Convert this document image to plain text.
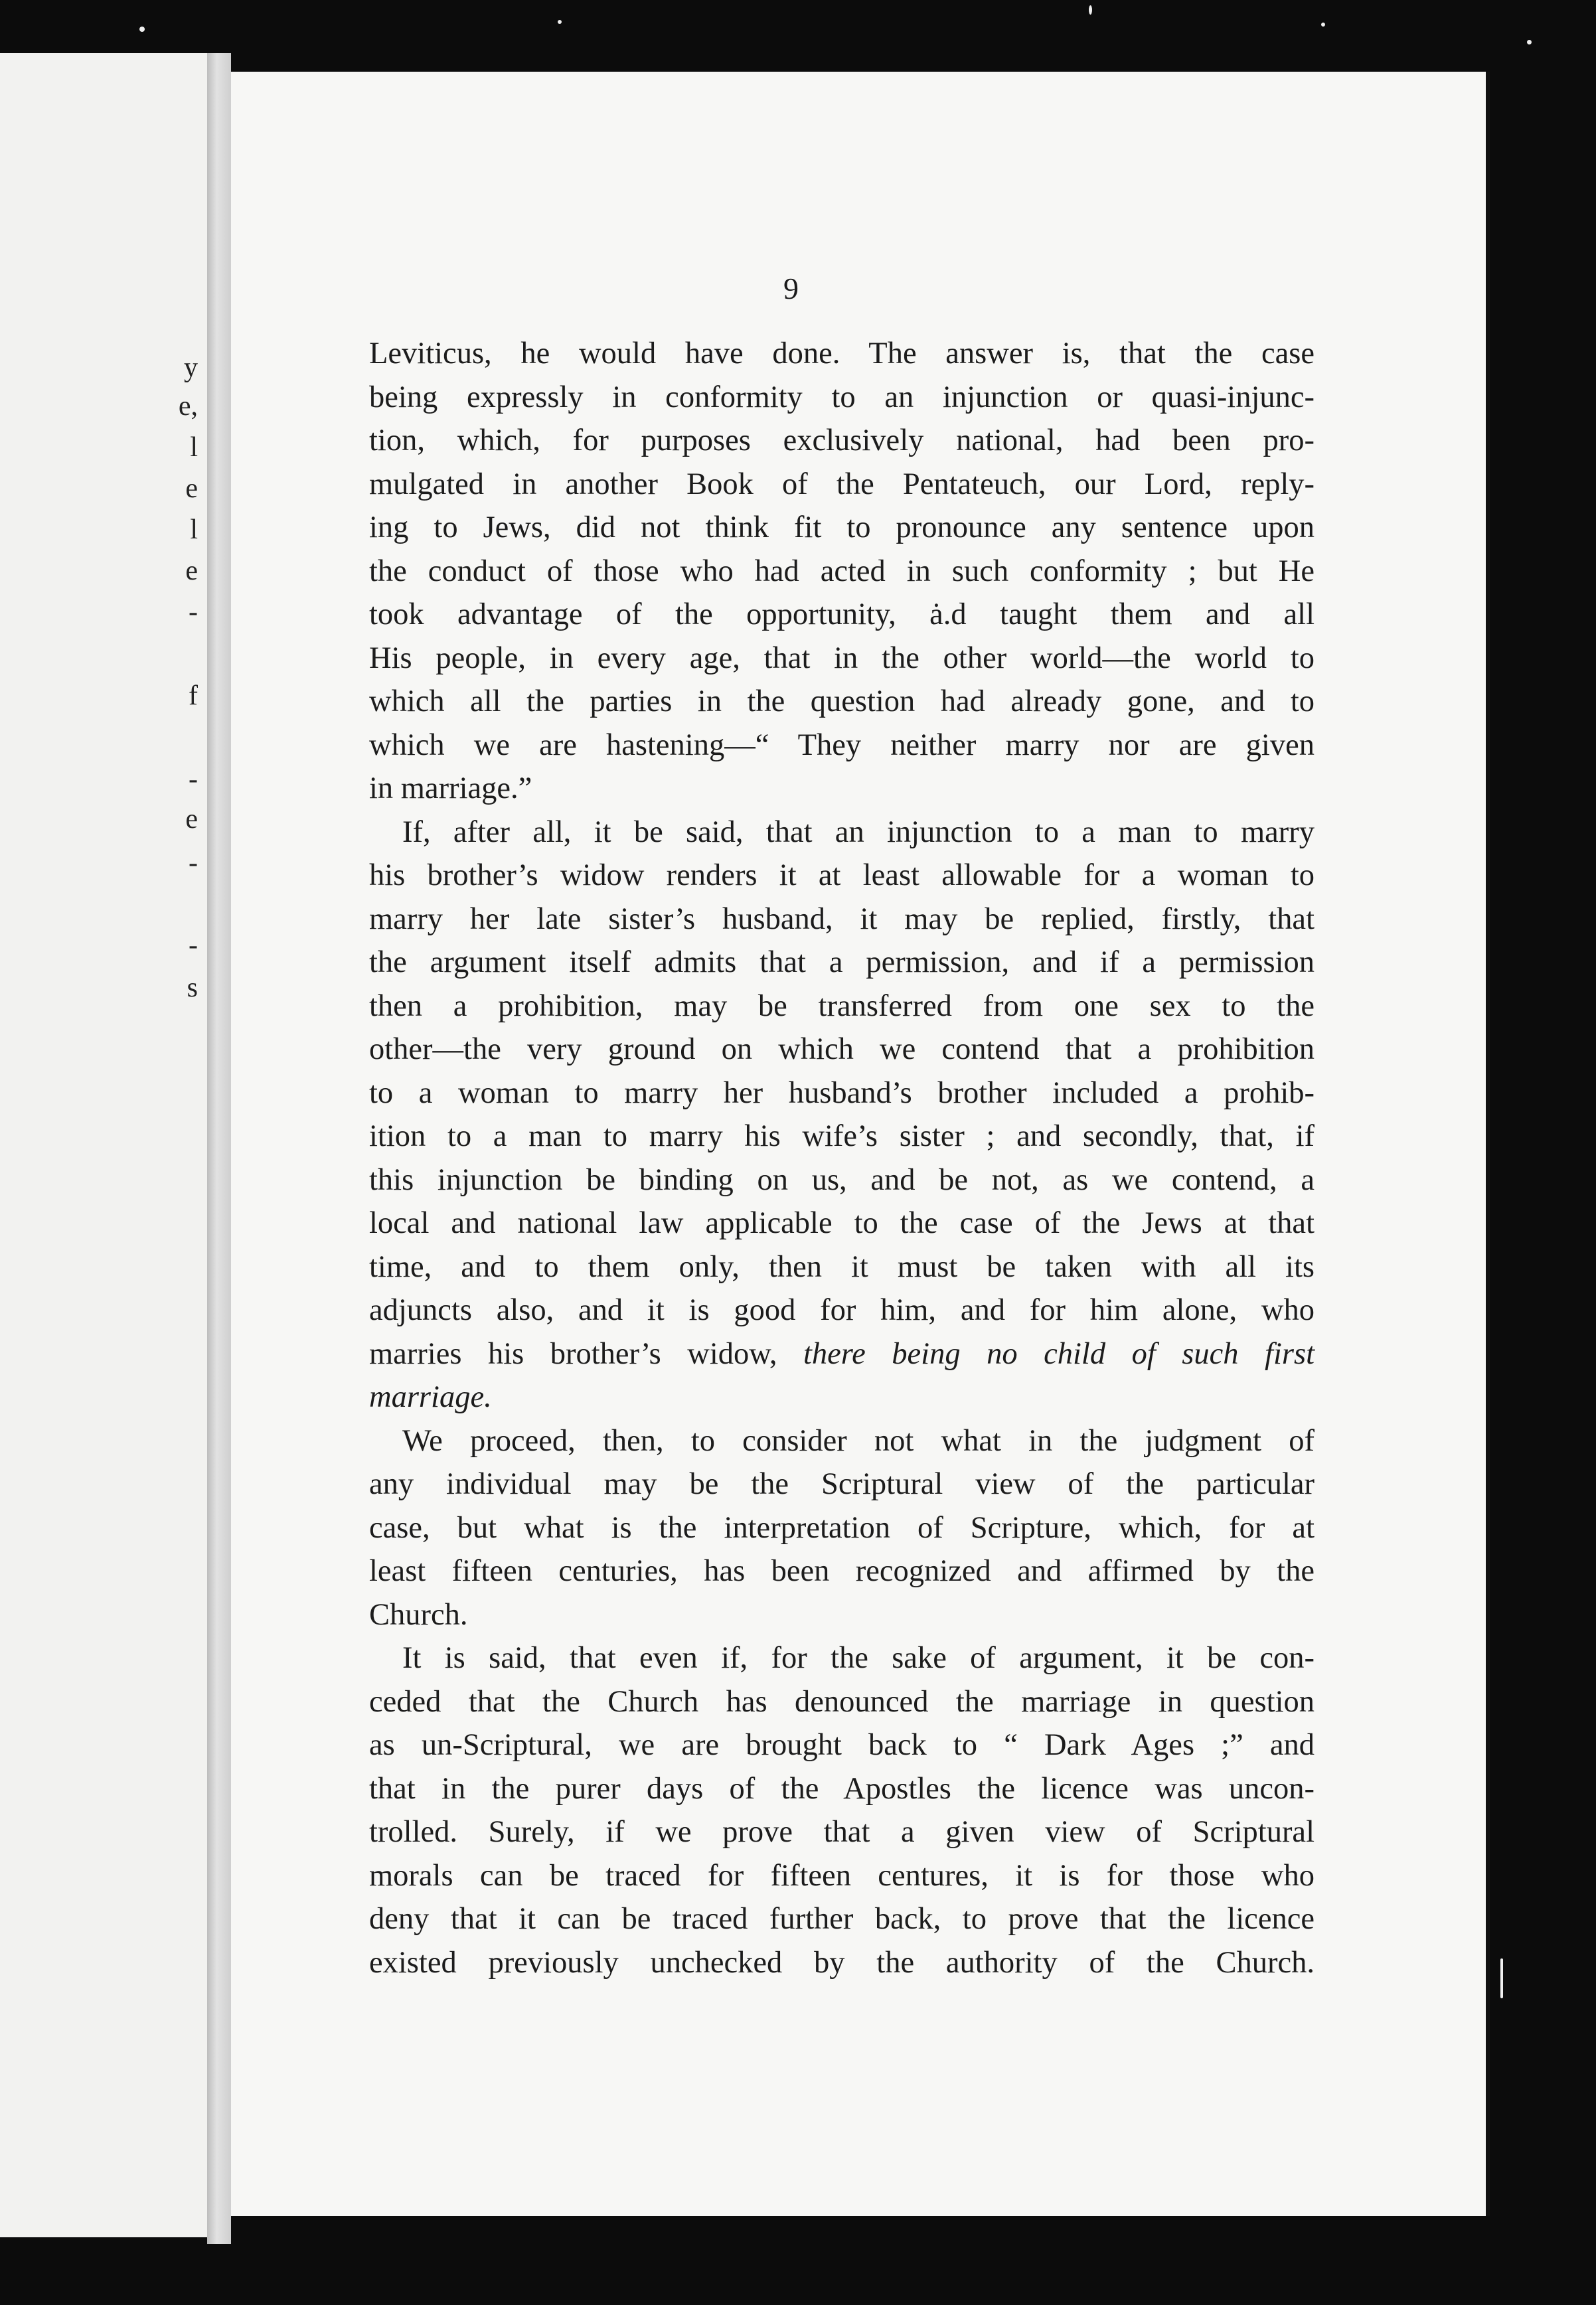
y
e,
l
e
l
e
-
f
-
e
-
-
s
9
Leviticus, he would have done. The answer is, that the case
being expressly in conformity to an injunction or quasi-injunc-
tion, which, for purposes exclusively national, had been pro-
mulgated in another Book of the Pentateuch, our Lord, reply-
ing to Jews, did not think fit to pronounce any sentence upon
the conduct of those who had acted in such conformity ; but He
took advantage of the opportunity, ȧ.d taught them and all
His people, in every age, that in the other world—the world to
which all the parties in the question had already gone, and to
which we are hastening—“ They neither marry nor are given
in marriage.”
If, after all, it be said, that an injunction to a man to marry
his brother’s widow renders it at least allowable for a woman to
marry her late sister’s husband, it may be replied, firstly, that
the argument itself admits that a permission, and if a permission
then a prohibition, may be transferred from one sex to the
other—the very ground on which we contend that a prohibition
to a woman to marry her husband’s brother included a prohib-
ition to a man to marry his wife’s sister ; and secondly, that, if
this injunction be binding on us, and be not, as we contend, a
local and national law applicable to the case of the Jews at that
time, and to them only, then it must be taken with all its
adjuncts also, and it is good for him, and for him alone, who
marries his brother’s widow, there being no child of such first
marriage.
We proceed, then, to consider not what in the judgment of
any individual may be the Scriptural view of the particular
case, but what is the interpretation of Scripture, which, for at
least fifteen centuries, has been recognized and affirmed by the
Church.
It is said, that even if, for the sake of argument, it be con-
ceded that the Church has denounced the marriage in question
as un-Scriptural, we are brought back to “ Dark Ages ;” and
that in the purer days of the Apostles the licence was uncon-
trolled. Surely, if we prove that a given view of Scriptural
morals can be traced for fifteen centures, it is for those who
deny that it can be traced further back, to prove that the licence
existed previously unchecked by the authority of the Church.
